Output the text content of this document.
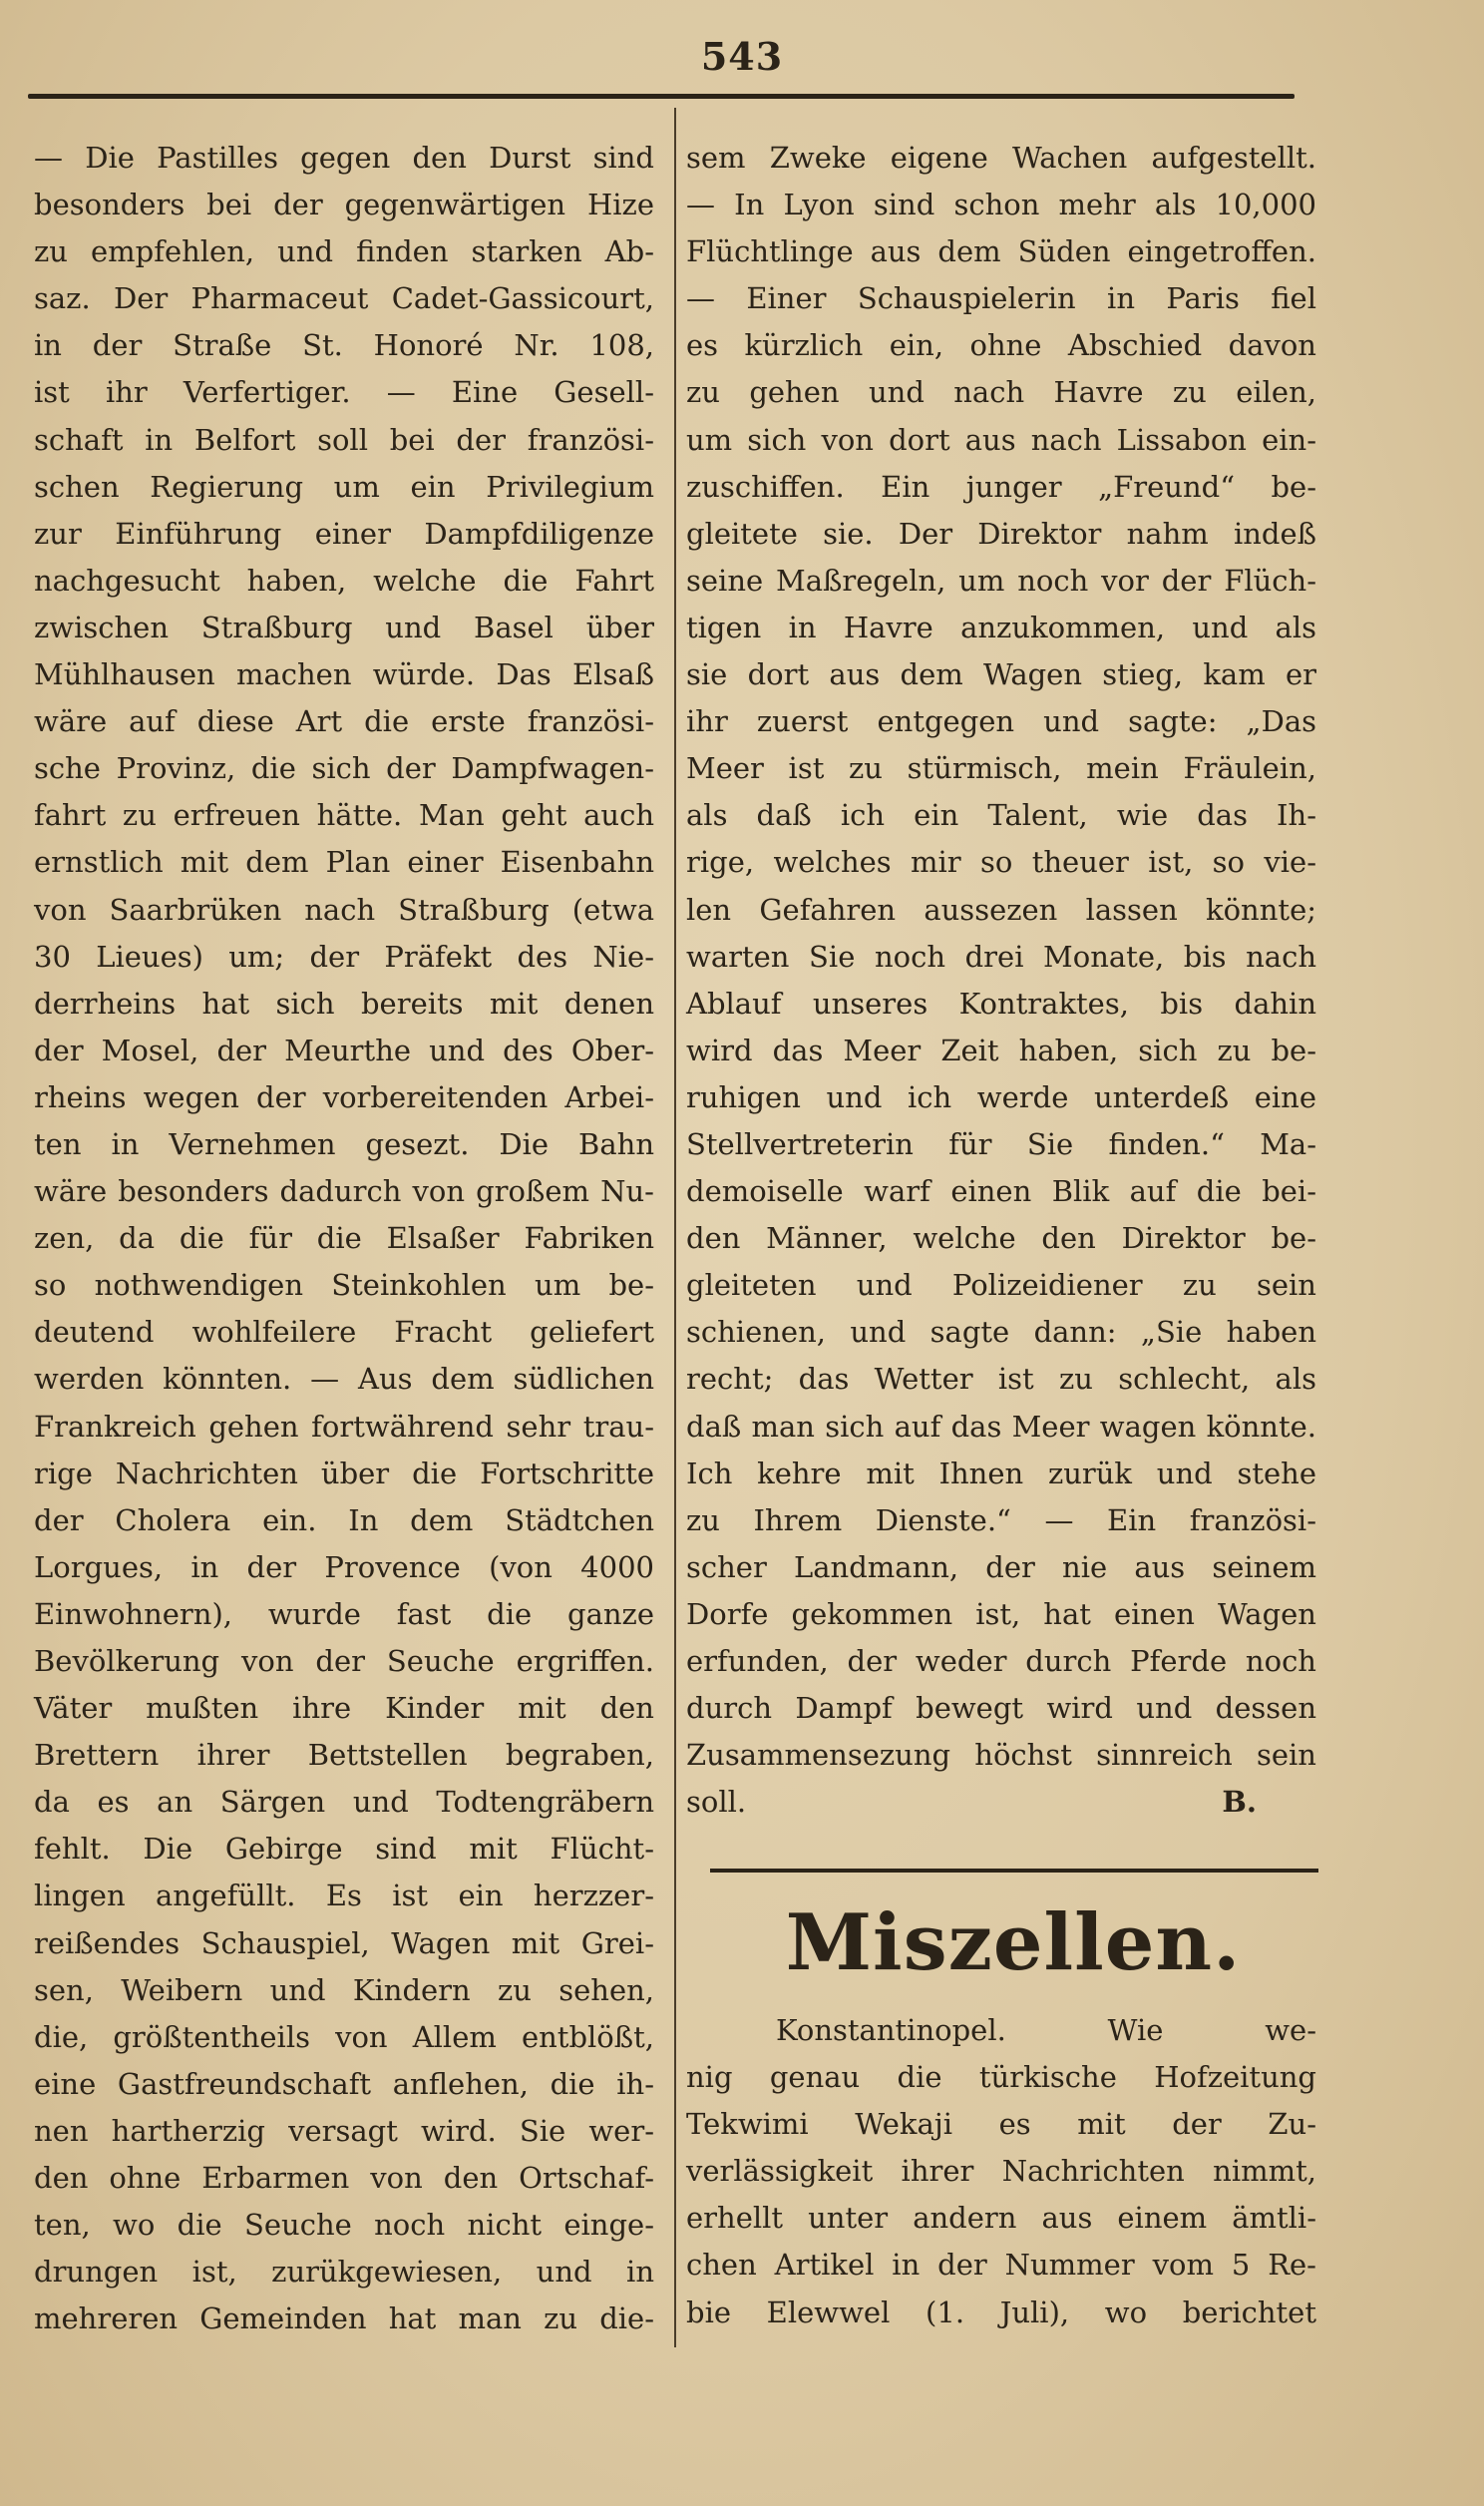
543
— Die Pastilles gegen den Durst sind
besonders bei der gegenwärtigen Hize
zu empfehlen, und finden starken Ab-
saz. Der Pharmaceut Cadet-Gassicourt,
in der Straße St. Honoré Nr. 108,
ist ihr Verfertiger. — Eine Gesell-
schaft in Belfort soll bei der französi-
schen Regierung um ein Privilegium
zur Einführung einer Dampfdiligenze
nachgesucht haben, welche die Fahrt
zwischen Straßburg und Basel über
Mühlhausen machen würde. Das Elsaß
wäre auf diese Art die erste französi-
sche Provinz, die sich der Dampfwagen-
fahrt zu erfreuen hätte. Man geht auch
ernstlich mit dem Plan einer Eisenbahn
von Saarbrüken nach Straßburg (etwa
30 Lieues) um; der Präfekt des Nie-
derrheins hat sich bereits mit denen
der Mosel, der Meurthe und des Ober-
rheins wegen der vorbereitenden Arbei-
ten in Vernehmen gesezt. Die Bahn
wäre besonders dadurch von großem Nu-
zen, da die für die Elsaßer Fabriken
so nothwendigen Steinkohlen um be-
deutend wohlfeilere Fracht geliefert
werden könnten. — Aus dem südlichen
Frankreich gehen fortwährend sehr trau-
rige Nachrichten über die Fortschritte
der Cholera ein. In dem Städtchen
Lorgues, in der Provence (von 4000
Einwohnern), wurde fast die ganze
Bevölkerung von der Seuche ergriffen.
Väter mußten ihre Kinder mit den
Brettern ihrer Bettstellen begraben,
da es an Särgen und Todtengräbern
fehlt. Die Gebirge sind mit Flücht-
lingen angefüllt. Es ist ein herzzer-
reißendes Schauspiel, Wagen mit Grei-
sen, Weibern und Kindern zu sehen,
die, größtentheils von Allem entblößt,
eine Gastfreundschaft anflehen, die ih-
nen hartherzig versagt wird. Sie wer-
den ohne Erbarmen von den Ortschaf-
ten, wo die Seuche noch nicht einge-
drungen ist, zurükgewiesen, und in
mehreren Gemeinden hat man zu die-
sem Zweke eigene Wachen aufgestellt.
— In Lyon sind schon mehr als 10,000
Flüchtlinge aus dem Süden eingetroffen.
— Einer Schauspielerin in Paris fiel
es kürzlich ein, ohne Abschied davon
zu gehen und nach Havre zu eilen,
um sich von dort aus nach Lissabon ein-
zuschiffen. Ein junger „Freund“ be-
gleitete sie. Der Direktor nahm indeß
seine Maßregeln, um noch vor der Flüch-
tigen in Havre anzukommen, und als
sie dort aus dem Wagen stieg, kam er
ihr zuerst entgegen und sagte: „Das
Meer ist zu stürmisch, mein Fräulein,
als daß ich ein Talent, wie das Ih-
rige, welches mir so theuer ist, so vie-
len Gefahren aussezen lassen könnte;
warten Sie noch drei Monate, bis nach
Ablauf unseres Kontraktes, bis dahin
wird das Meer Zeit haben, sich zu be-
ruhigen und ich werde unterdeß eine
Stellvertreterin für Sie finden.“ Ma-
demoiselle warf einen Blik auf die bei-
den Männer, welche den Direktor be-
gleiteten und Polizeidiener zu sein
schienen, und sagte dann: „Sie haben
recht; das Wetter ist zu schlecht, als
daß man sich auf das Meer wagen könnte.
Ich kehre mit Ihnen zurük und stehe
zu Ihrem Dienste.“ — Ein französi-
scher Landmann, der nie aus seinem
Dorfe gekommen ist, hat einen Wagen
erfunden, der weder durch Pferde noch
durch Dampf bewegt wird und dessen
Zusammensezung höchst sinnreich sein
soll.	B.
Miszellen.
Konstantinopel. Wie we-
nig genau die türkische Hofzeitung
Tekwimi Wekaji es mit der Zu-
verlässigkeit ihrer Nachrichten nimmt,
erhellt unter andern aus einem ämtli-
chen Artikel in der Nummer vom 5 Re-
bie Elewwel (1. Juli), wo berichtet
